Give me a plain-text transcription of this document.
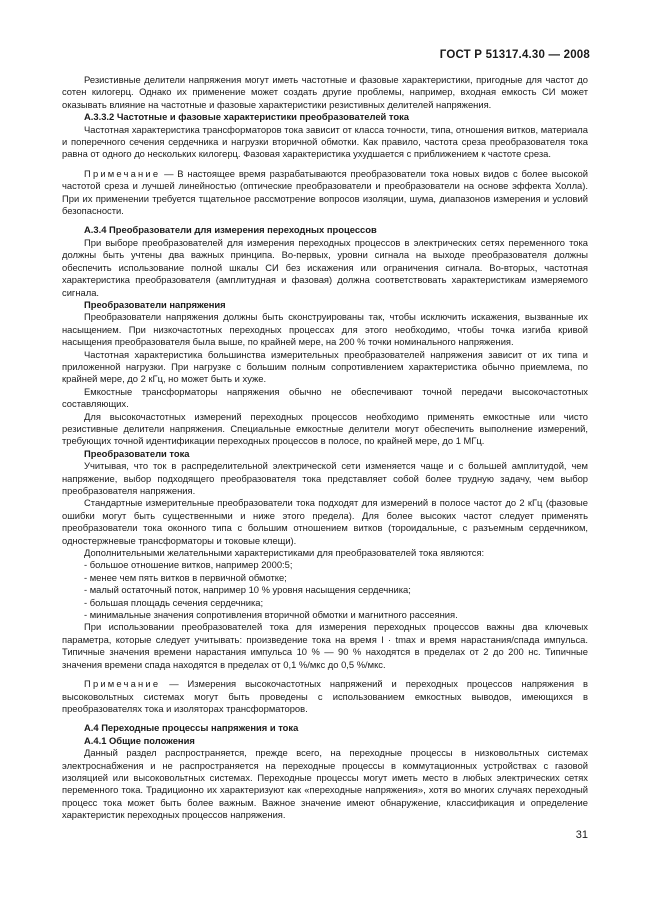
ГОСТ Р 51317.4.30 — 2008

Резистивные делители напряжения могут иметь частотные и фазовые характеристики, пригодные для частот до сотен килогерц. Однако их применение может создать другие проблемы, например, входная емкость СИ может оказывать влияние на частотные и фазовые характеристики резистивных делителей напряжения.

А.3.3.2 Частотные и фазовые характеристики преобразователей тока

Частотная характеристика трансформаторов тока зависит от класса точности, типа, отношения витков, материала и поперечного сечения сердечника и нагрузки вторичной обмотки. Как правило, частота среза преобразователя тока равна от одного до нескольких килогерц. Фазовая характеристика ухудшается с приближением к частоте среза.

Примечание — В настоящее время разрабатываются преобразователи тока новых видов с более высокой частотой среза и лучшей линейностью (оптические преобразователи и преобразователи на основе эффекта Холла). При их применении требуется тщательное рассмотрение вопросов изоляции, шума, диапазонов измерения и условий безопасности.

А.3.4 Преобразователи для измерения переходных процессов

При выборе преобразователей для измерения переходных процессов в электрических сетях переменного тока должны быть учтены два важных принципа. Во-первых, уровни сигнала на выходе преобразователя должны обеспечить использование полной шкалы СИ без искажения или ограничения сигнала. Во-вторых, частотная характеристика преобразователя (амплитудная и фазовая) должна соответствовать характеристикам измеряемого сигнала.

Преобразователи напряжения

Преобразователи напряжения должны быть сконструированы так, чтобы исключить искажения, вызванные их насыщением. При низкочастотных переходных процессах для этого необходимо, чтобы точка изгиба кривой насыщения преобразователя была выше, по крайней мере, на 200 % точки номинального напряжения.

Частотная характеристика большинства измерительных преобразователей напряжения зависит от их типа и приложенной нагрузки. При нагрузке с большим полным сопротивлением характеристика обычно приемлема, по крайней мере, до 2 кГц, но может быть и хуже.

Емкостные трансформаторы напряжения обычно не обеспечивают точной передачи высокочастотных составляющих.

Для высокочастотных измерений переходных процессов необходимо применять емкостные или чисто резистивные делители напряжения. Специальные емкостные делители могут обеспечить выполнение измерений, требующих точной идентификации переходных процессов в полосе, по крайней мере, до 1 МГц.

Преобразователи тока

Учитывая, что ток в распределительной электрической сети изменяется чаще и с большей амплитудой, чем напряжение, выбор подходящего преобразователя тока представляет собой более трудную задачу, чем выбор преобразователя напряжения.

Стандартные измерительные преобразователи тока подходят для измерений в полосе частот до 2 кГц (фазовые ошибки могут быть существенными и ниже этого предела). Для более высоких частот следует применять преобразователи тока оконного типа с большим отношением витков (тороидальные, с разъемным сердечником, одностержневые трансформаторы и токовые клещи).

Дополнительными желательными характеристиками для преобразователей тока являются:

- большое отношение витков, например 2000:5;

- менее чем пять витков в первичной обмотке;

- малый остаточный поток, например 10 % уровня насыщения сердечника;

- большая площадь сечения сердечника;

- минимальные значения сопротивления вторичной обмотки и магнитного рассеяния.

При использовании преобразователей тока для измерения переходных процессов важны два ключевых параметра, которые следует учитывать: произведение тока на время I · tmax и время нарастания/спада импульса. Типичные значения времени нарастания импульса 10 % — 90 % находятся в пределах от 2 до 200 нс. Типичные значения времени спада находятся в пределах от 0,1 %/мкс до 0,5 %/мкс.

Примечание — Измерения высокочастотных напряжений и переходных процессов напряжения в высоковольтных системах могут быть проведены с использованием емкостных выводов, имеющихся в преобразователях тока и изоляторах трансформаторов.

А.4 Переходные процессы напряжения и тока

А.4.1 Общие положения

Данный раздел распространяется, прежде всего, на переходные процессы в низковольтных системах электроснабжения и не распространяется на переходные процессы в коммутационных устройствах с газовой изоляцией или высоковольтных системах. Переходные процессы могут иметь место в любых электрических сетях переменного тока. Традиционно их характеризуют как «переходные напряжения», хотя во многих случаях переходный процесс тока может быть более важным. Важное значение имеют обнаружение, классификация и определение характеристик переходных процессов напряжения.

31
